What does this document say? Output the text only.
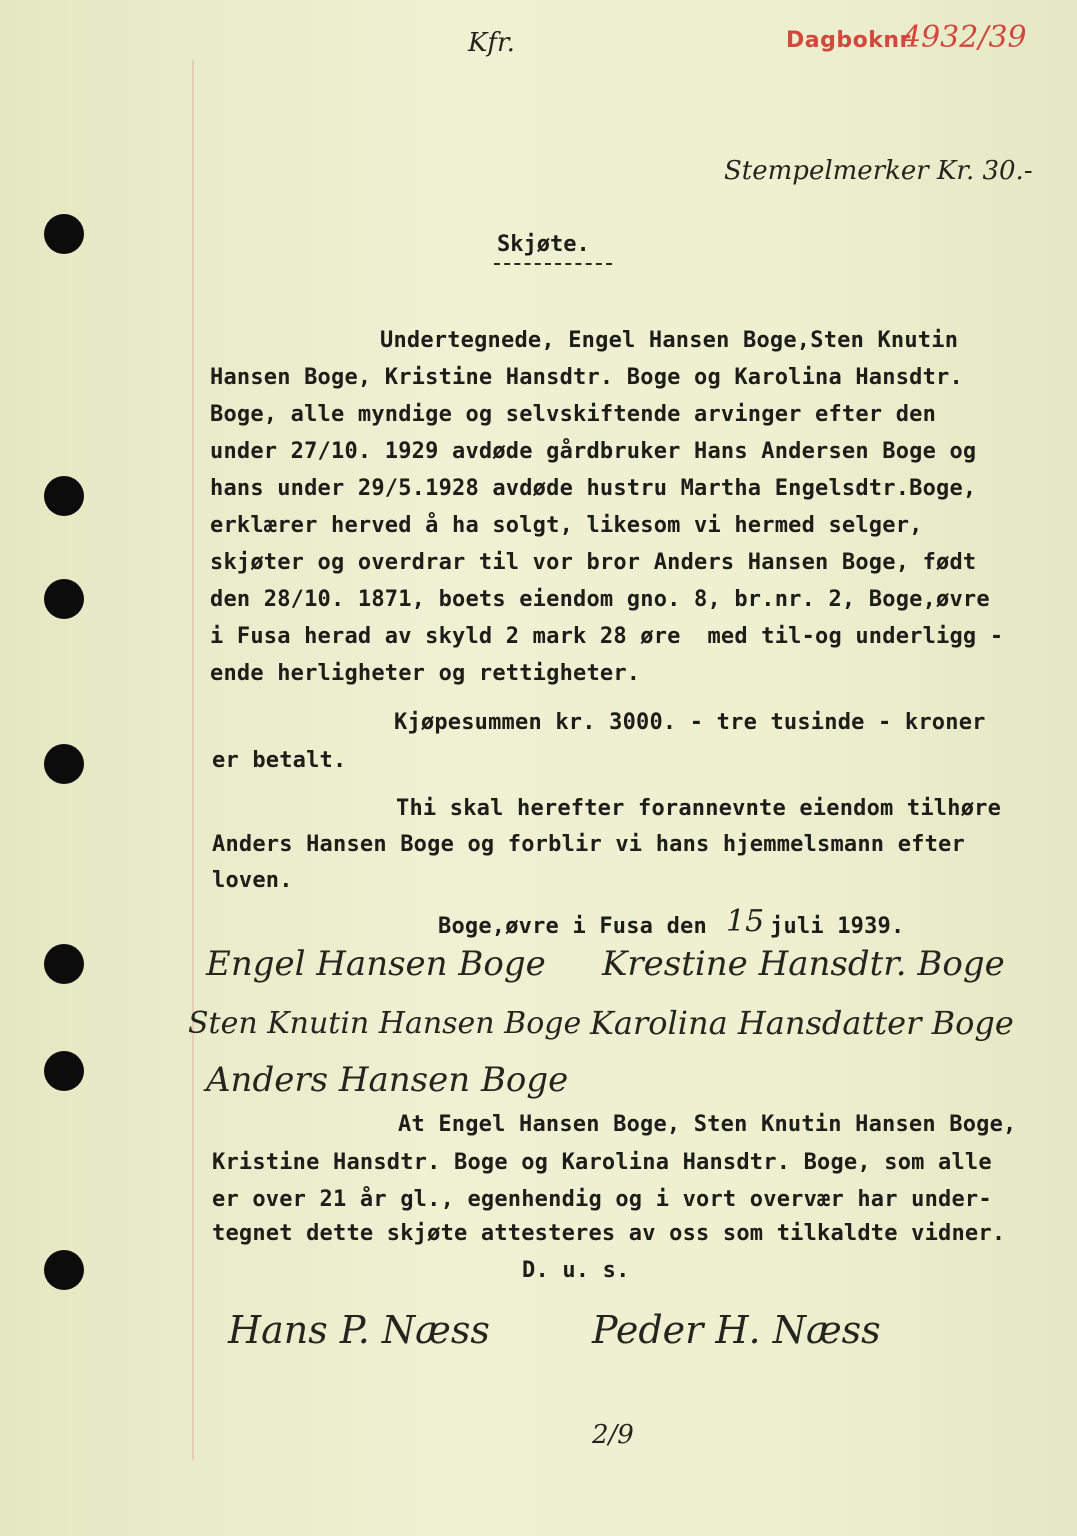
Kfr.	Dagboknr
4932/39
Stempelmerker Kr. 30.-
Skjøte.
Undertegnede, Engel Hansen Boge,Sten Knutin
Hansen Boge, Kristine Hansdtr. Boge og Karolina Hansdtr.
Boge, alle myndige og selvskiftende arvinger efter den
under 27/10. 1929 avdøde gårdbruker Hans Andersen Boge og
hans under 29/5.1928 avdøde hustru Martha Engelsdtr.Boge,
erklærer herved å ha solgt, likesom vi hermed selger,
skjøter og overdrar til vor bror Anders Hansen Boge, født
den 28/10. 1871, boets eiendom gno. 8, br.nr. 2, Boge,øvre
i Fusa herad av skyld 2 mark 28 øre  med til-og underligg -
ende herligheter og rettigheter.
Kjøpesummen kr. 3000. - tre tusinde - kroner
er betalt.
Thi skal herefter forannevnte eiendom tilhøre
Anders Hansen Boge og forblir vi hans hjemmelsmann efter
loven.
Boge,øvre i Fusa den 15 juli 1939.
Engel Hansen Boge Krestine Hansdtr. Boge
Sten Knutin Hansen Boge Karolina Hansdatter Boge
Anders Hansen Boge
At Engel Hansen Boge, Sten Knutin Hansen Boge,
Kristine Hansdtr. Boge og Karolina Hansdtr. Boge, som alle
er over 21 år gl., egenhendig og i vort overvær har under-
tegnet dette skjøte attesteres av oss som tilkaldte vidner.
D. u. s.
Hans P. Næss	Peder H. Næss
2/9
